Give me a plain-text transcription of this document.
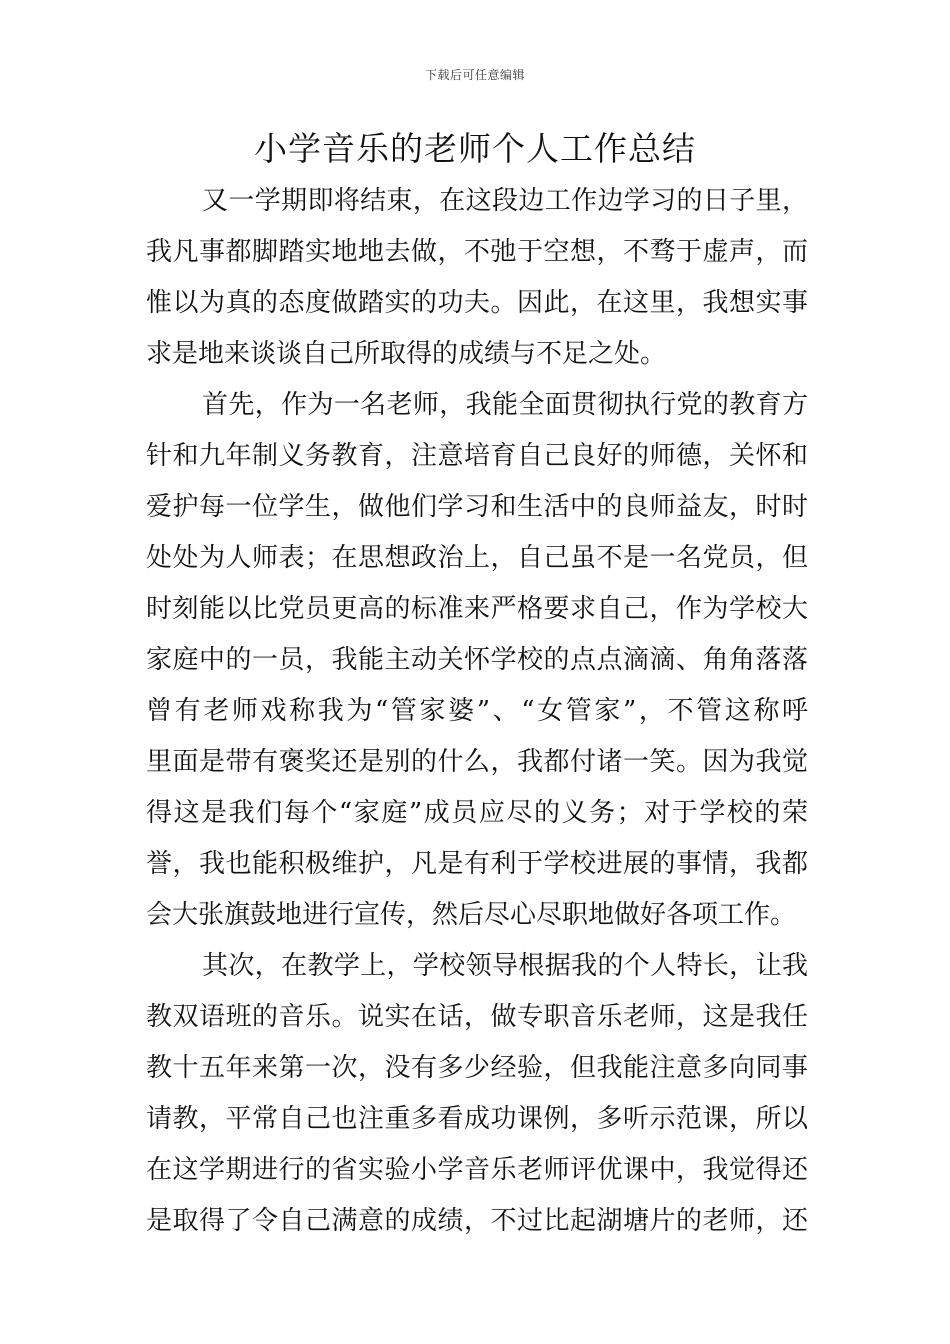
下载后可任意编辑
小学音乐的老师个人工作总结
又一学期即将结束，在这段边工作边学习的日子里，
我凡事都脚踏实地地去做，不弛于空想，不骛于虚声，而
惟以为真的态度做踏实的功夫。因此，在这里，我想实事
求是地来谈谈自己所取得的成绩与不足之处。
首先，作为一名老师，我能全面贯彻执行党的教育方
针和九年制义务教育，注意培育自己良好的师德，关怀和
爱护每一位学生，做他们学习和生活中的良师益友，时时
处处为人师表；在思想政治上，自己虽不是一名党员，但
时刻能以比党员更高的标准来严格要求自己，作为学校大
家庭中的一员，我能主动关怀学校的点点滴滴、角角落落
曾有老师戏称我为“管家婆”、“女管家”，不管这称呼
里面是带有褒奖还是别的什么，我都付诸一笑。因为我觉
得这是我们每个“家庭”成员应尽的义务；对于学校的荣
誉，我也能积极维护，凡是有利于学校进展的事情，我都
会大张旗鼓地进行宣传，然后尽心尽职地做好各项工作。
其次，在教学上，学校领导根据我的个人特长，让我
教双语班的音乐。说实在话，做专职音乐老师，这是我任
教十五年来第一次，没有多少经验，但我能注意多向同事
请教，平常自己也注重多看成功课例，多听示范课，所以
在这学期进行的省实验小学音乐老师评优课中，我觉得还
是取得了令自己满意的成绩，不过比起湖塘片的老师，还
